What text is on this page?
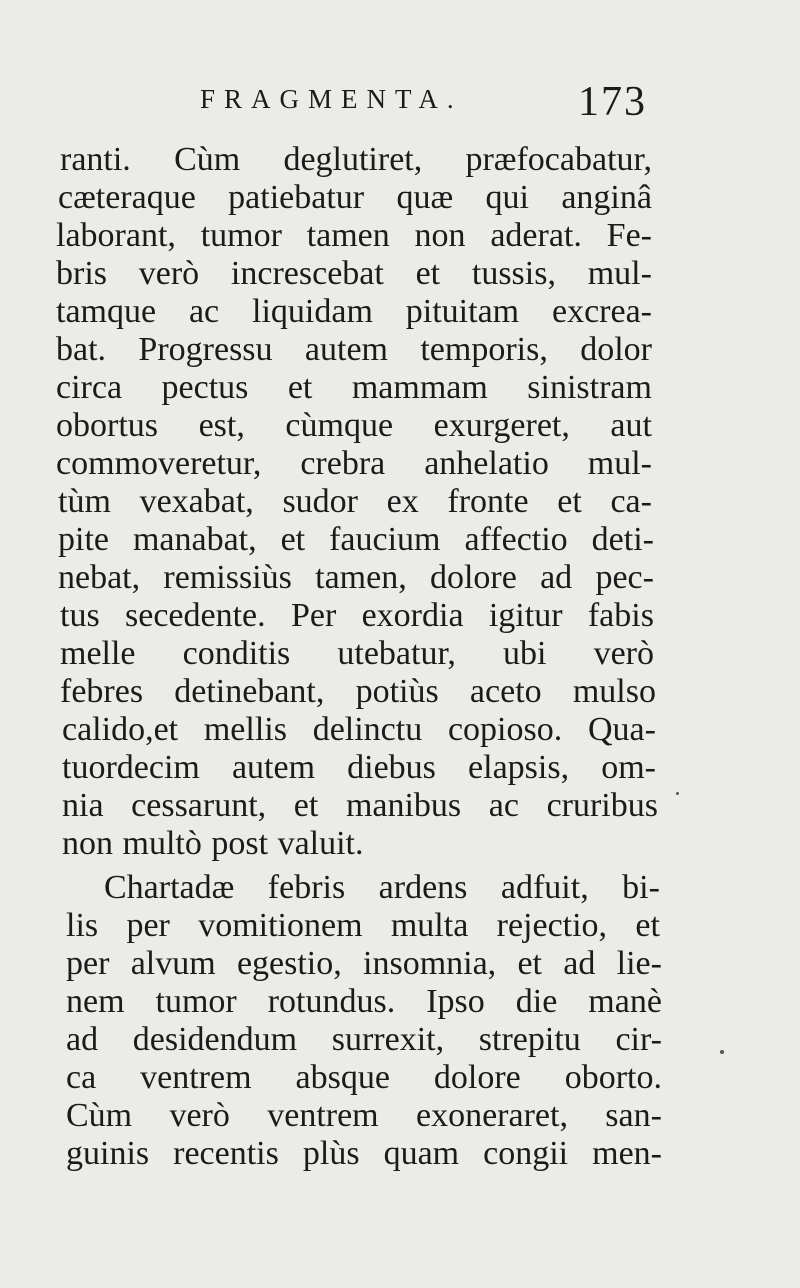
FRAGMENTA.	173
ranti. Cùm deglutiret, præfocabatur,
cæteraque patiebatur quæ qui anginâ
laborant, tumor tamen non aderat. Fe-
bris verò increscebat et tussis, mul-
tamque ac liquidam pituitam excrea-
bat. Progressu autem temporis, dolor
circa pectus et mammam sinistram
obortus est, cùmque exurgeret, aut
commoveretur, crebra anhelatio mul-
tùm vexabat, sudor ex fronte et ca-
pite manabat, et faucium affectio deti-
nebat, remissiùs tamen, dolore ad pec-
tus secedente. Per exordia igitur fabis
melle conditis utebatur, ubi verò
febres detinebant, potiùs aceto mulso
calido,et mellis delinctu copioso. Qua-
tuordecim autem diebus elapsis, om-
nia cessarunt, et manibus ac cruribus
non multò post valuit.
Chartadæ febris ardens adfuit, bi-
lis per vomitionem multa rejectio, et
per alvum egestio, insomnia, et ad lie-
nem tumor rotundus. Ipso die manè
ad desidendum surrexit, strepitu cir-
ca ventrem absque dolore oborto.
Cùm verò ventrem exoneraret, san-
guinis recentis plùs quam congii men-
